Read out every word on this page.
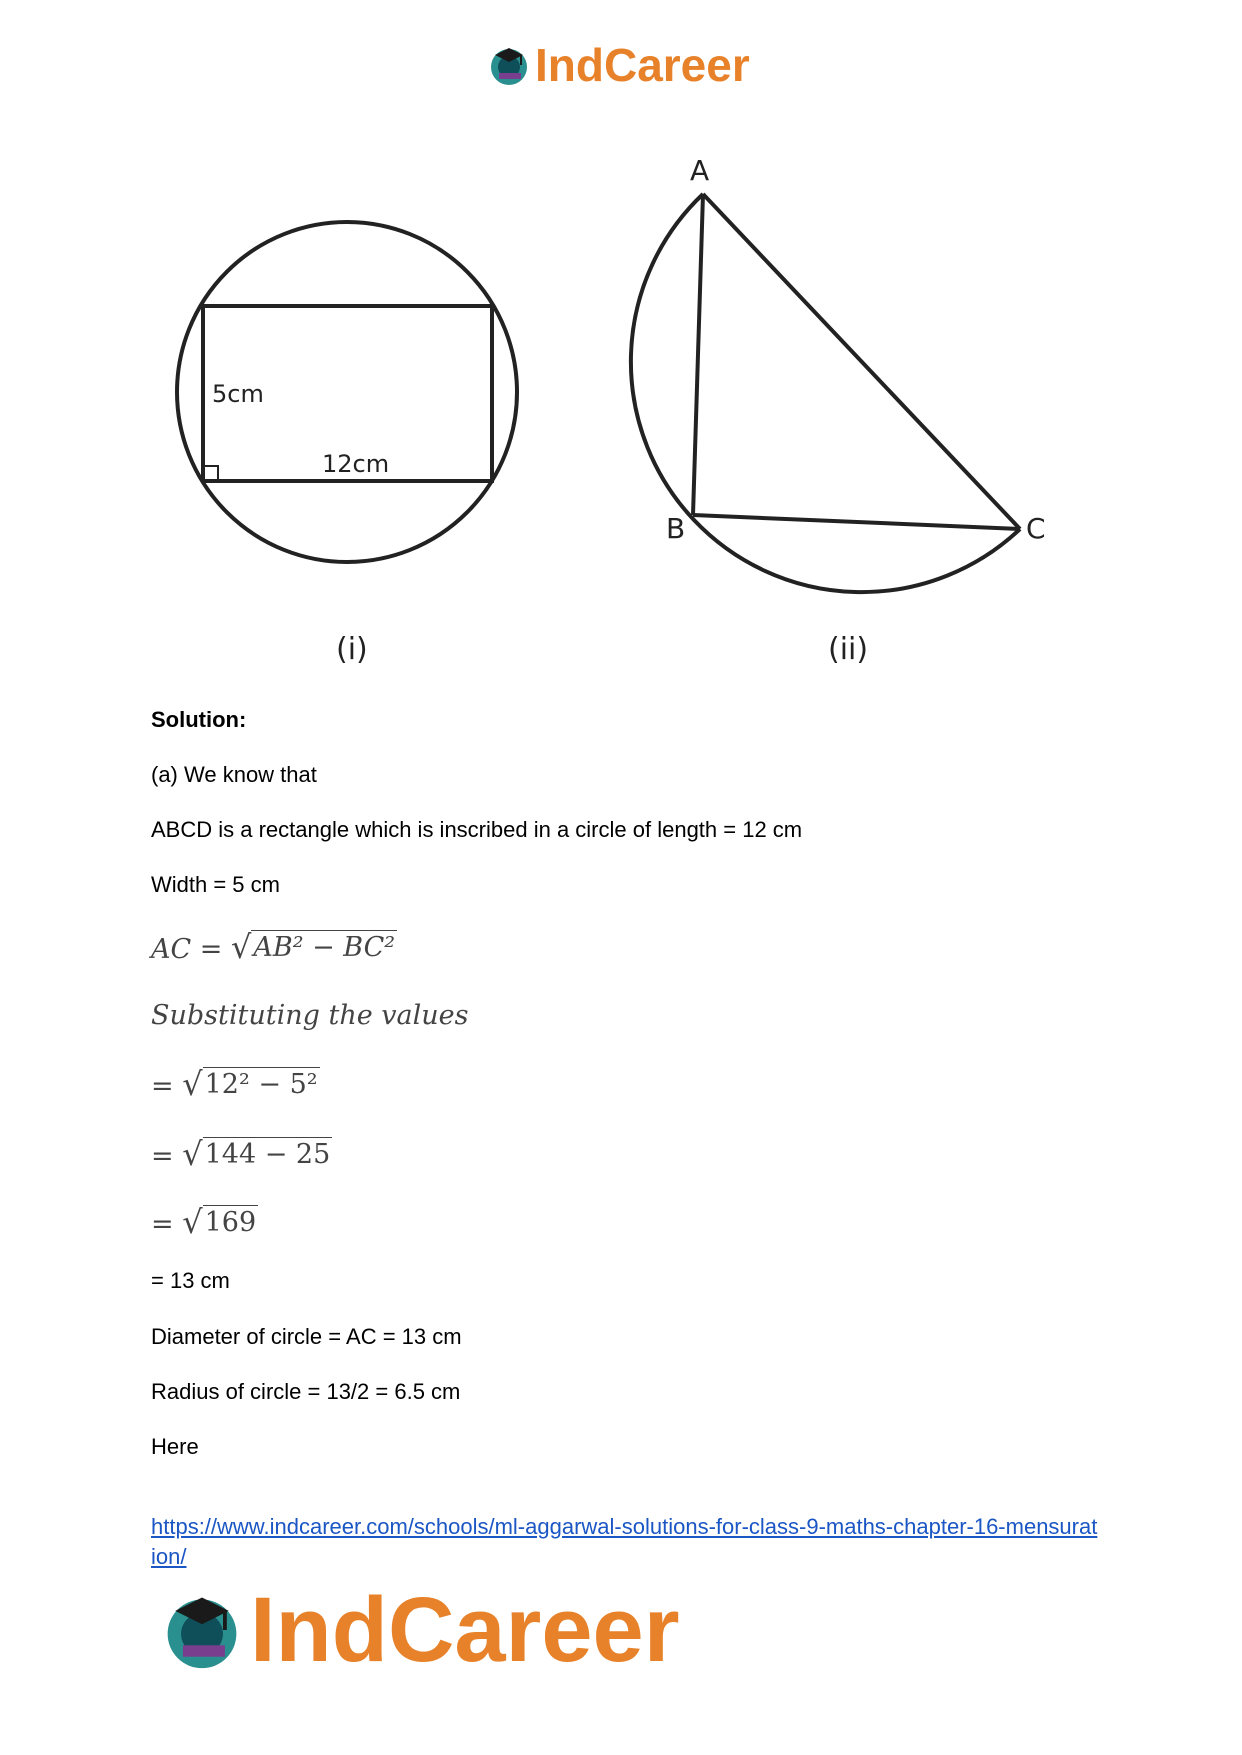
IndCareer
5cm
12cm
(i)
A
B	C
(ii)
Solution:
(a) We know that
ABCD is a rectangle which is inscribed in a circle of length = 12 cm
Width = 5 cm
AC = √ AB² − BC²
Substituting the values
= √ 12² − 5²
= √ 144 − 25
= √ 169
= 13 cm
Diameter of circle = AC = 13 cm
Radius of circle = 13/2 = 6.5 cm
Here
https://www.indcareer.com/schools/ml-aggarwal-solutions-for-class-9-maths-chapter-16-mensuration/
IndCareer
